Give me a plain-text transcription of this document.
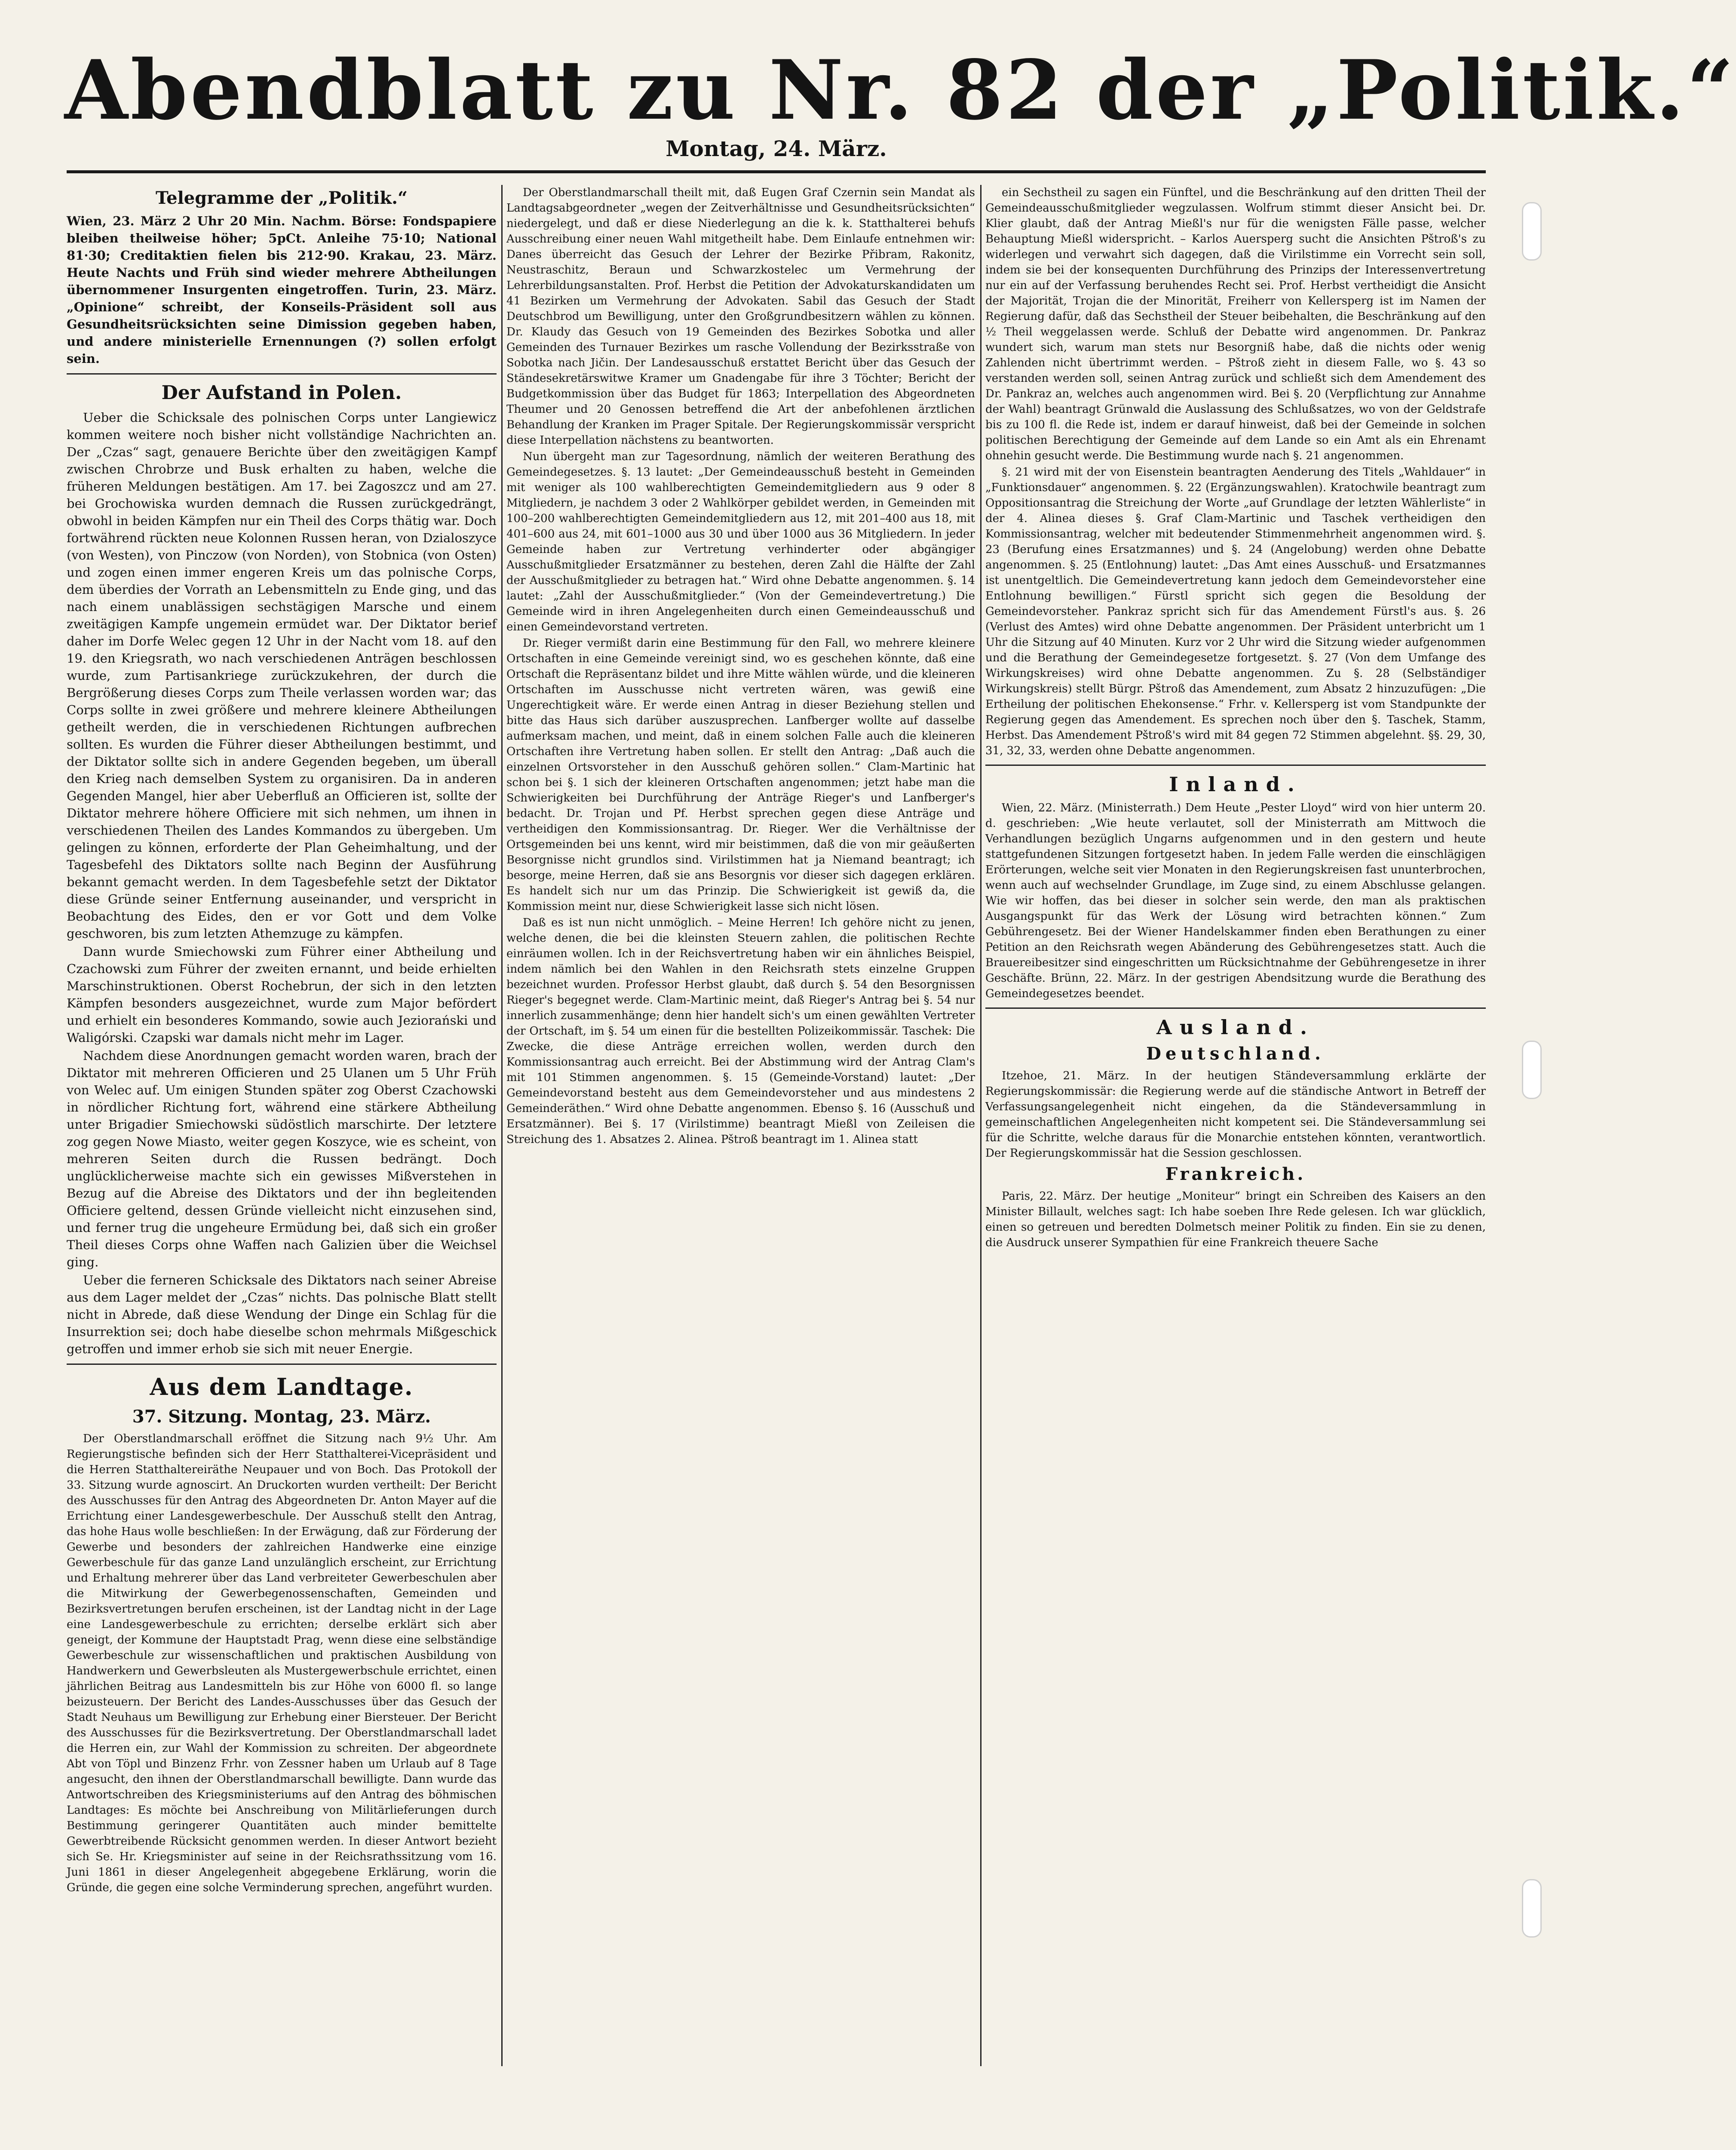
Abendblatt zu Nr. 82 der „Politik.“
Montag, 24. März.
Telegramme der „Politik.“

Wien, 23. März 2 Uhr 20 Min. Nachm. Börse: Fondspapiere bleiben theilweise höher; 5pCt. Anleihe 75·10; National 81·30; Creditaktien fielen bis 212·90. Krakau, 23. März. Heute Nachts und Früh sind wieder mehrere Abtheilungen übernommener Insurgenten eingetroffen. Turin, 23. März. „Opinione“ schreibt, der Konseils-Präsident soll aus Gesundheitsrücksichten seine Dimission gegeben haben, und andere ministerielle Ernennungen (?) sollen erfolgt sein.

Der Aufstand in Polen.

Ueber die Schicksale des polnischen Corps unter Langiewicz kommen weitere noch bisher nicht vollständige Nachrichten an. Der „Czas“ sagt, genauere Berichte über den zweitägigen Kampf zwischen Chrobrze und Busk erhalten zu haben, welche die früheren Meldungen bestätigen. Am 17. bei Zagoszcz und am 27. bei Grochowiska wurden demnach die Russen zurückgedrängt, obwohl in beiden Kämpfen nur ein Theil des Corps thätig war. Doch fortwährend rückten neue Kolonnen Russen heran, von Dzialoszyce (von Westen), von Pinczow (von Norden), von Stobnica (von Osten) und zogen einen immer engeren Kreis um das polnische Corps, dem überdies der Vorrath an Lebensmitteln zu Ende ging, und das nach einem unablässigen sechstägigen Marsche und einem zweitägigen Kampfe ungemein ermüdet war. Der Diktator berief daher im Dorfe Welec gegen 12 Uhr in der Nacht vom 18. auf den 19. den Kriegsrath, wo nach verschiedenen Anträgen beschlossen wurde, zum Partisankriege zurückzukehren, der durch die Bergrößerung dieses Corps zum Theile verlassen worden war; das Corps sollte in zwei größere und mehrere kleinere Abtheilungen getheilt werden, die in verschiedenen Richtungen aufbrechen sollten. Es wurden die Führer dieser Abtheilungen bestimmt, und der Diktator sollte sich in andere Gegenden begeben, um überall den Krieg nach demselben System zu organisiren. Da in anderen Gegenden Mangel, hier aber Ueberfluß an Officieren ist, sollte der Diktator mehrere höhere Officiere mit sich nehmen, um ihnen in verschiedenen Theilen des Landes Kommandos zu übergeben. Um gelingen zu können, erforderte der Plan Geheimhaltung, und der Tagesbefehl des Diktators sollte nach Beginn der Ausführung bekannt gemacht werden. In dem Tagesbefehle setzt der Diktator diese Gründe seiner Entfernung auseinander, und verspricht in Beobachtung des Eides, den er vor Gott und dem Volke geschworen, bis zum letzten Athemzuge zu kämpfen.

Dann wurde Smiechowski zum Führer einer Abtheilung und Czachowski zum Führer der zweiten ernannt, und beide erhielten Marschinstruktionen. Oberst Rochebrun, der sich in den letzten Kämpfen besonders ausgezeichnet, wurde zum Major befördert und erhielt ein besonderes Kommando, sowie auch Jeziorański und Waligórski. Czapski war damals nicht mehr im Lager.

Nachdem diese Anordnungen gemacht worden waren, brach der Diktator mit mehreren Officieren und 25 Ulanen um 5 Uhr Früh von Welec auf. Um einigen Stunden später zog Oberst Czachowski in nördlicher Richtung fort, während eine stärkere Abtheilung unter Brigadier Smiechowski südöstlich marschirte. Der letztere zog gegen Nowe Miasto, weiter gegen Koszyce, wie es scheint, von mehreren Seiten durch die Russen bedrängt. Doch unglücklicherweise machte sich ein gewisses Mißverstehen in Bezug auf die Abreise des Diktators und der ihn begleitenden Officiere geltend, dessen Gründe vielleicht nicht einzusehen sind, und ferner trug die ungeheure Ermüdung bei, daß sich ein großer Theil dieses Corps ohne Waffen nach Galizien über die Weichsel ging.

Ueber die ferneren Schicksale des Diktators nach seiner Abreise aus dem Lager meldet der „Czas“ nichts. Das polnische Blatt stellt nicht in Abrede, daß diese Wendung der Dinge ein Schlag für die Insurrektion sei; doch habe dieselbe schon mehrmals Mißgeschick getroffen und immer erhob sie sich mit neuer Energie.

Aus dem Landtage.
37. Sitzung. Montag, 23. März.

Der Oberstlandmarschall eröffnet die Sitzung nach 9½ Uhr. Am Regierungstische befinden sich der Herr Statthalterei-Vicepräsident und die Herren Statthaltereiräthe Neupauer und von Boch. Das Protokoll der 33. Sitzung wurde agnoscirt. An Druckorten wurden vertheilt: Der Bericht des Ausschusses für den Antrag des Abgeordneten Dr. Anton Mayer auf die Errichtung einer Landesgewerbeschule. Der Ausschuß stellt den Antrag, das hohe Haus wolle beschließen: In der Erwägung, daß zur Förderung der Gewerbe und besonders der zahlreichen Handwerke eine einzige Gewerbeschule für das ganze Land unzulänglich erscheint, zur Errichtung und Erhaltung mehrerer über das Land verbreiteter Gewerbeschulen aber die Mitwirkung der Gewerbegenossenschaften, Gemeinden und Bezirksvertretungen berufen erscheinen, ist der Landtag nicht in der Lage eine Landesgewerbeschule zu errichten; derselbe erklärt sich aber geneigt, der Kommune der Hauptstadt Prag, wenn diese eine selbständige Gewerbeschule zur wissenschaftlichen und praktischen Ausbildung von Handwerkern und Gewerbsleuten als Mustergewerbschule errichtet, einen jährlichen Beitrag aus Landesmitteln bis zur Höhe von 6000 fl. so lange beizusteuern. Der Bericht des Landes-Ausschusses über das Gesuch der Stadt Neuhaus um Bewilligung zur Erhebung einer Biersteuer. Der Bericht des Ausschusses für die Bezirksvertretung. Der Oberstlandmarschall ladet die Herren ein, zur Wahl der Kommission zu schreiten. Der abgeordnete Abt von Töpl und Binzenz Frhr. von Zessner haben um Urlaub auf 8 Tage angesucht, den ihnen der Oberstlandmarschall bewilligte. Dann wurde das Antwortschreiben des Kriegsministeriums auf den Antrag des böhmischen Landtages: Es möchte bei Anschreibung von Militärlieferungen durch Bestimmung geringerer Quantitäten auch minder bemittelte Gewerbtreibende Rücksicht genommen werden. In dieser Antwort bezieht sich Se. Hr. Kriegsminister auf seine in der Reichsrathssitzung vom 16. Juni 1861 in dieser Angelegenheit abgegebene Erklärung, worin die Gründe, die gegen eine solche Verminderung sprechen, angeführt wurden.

Der Oberstlandmarschall theilt mit, daß Eugen Graf Czernin sein Mandat als Landtagsabgeordneter „wegen der Zeitverhältnisse und Gesundheitsrücksichten“ niedergelegt, und daß er diese Niederlegung an die k. k. Statthalterei behufs Ausschreibung einer neuen Wahl mitgetheilt habe. Dem Einlaufe entnehmen wir: Danes überreicht das Gesuch der Lehrer der Bezirke Přibram, Rakonitz, Neustraschitz, Beraun und Schwarzkostelec um Vermehrung der Lehrerbildungsanstalten. Prof. Herbst die Petition der Advokaturskandidaten um 41 Bezirken um Vermehrung der Advokaten. Sabil das Gesuch der Stadt Deutschbrod um Bewilligung, unter den Großgrundbesitzern wählen zu können. Dr. Klaudy das Gesuch von 19 Gemeinden des Bezirkes Sobotka und aller Gemeinden des Turnauer Bezirkes um rasche Vollendung der Bezirksstraße von Sobotka nach Jičin. Der Landesausschuß erstattet Bericht über das Gesuch der Ständesekretärswitwe Kramer um Gnadengabe für ihre 3 Töchter; Bericht der Budgetkommission über das Budget für 1863; Interpellation des Abgeordneten Theumer und 20 Genossen betreffend die Art der anbefohlenen ärztlichen Behandlung der Kranken im Prager Spitale. Der Regierungskommissär verspricht diese Interpellation nächstens zu beantworten.

Nun übergeht man zur Tagesordnung, nämlich der weiteren Berathung des Gemeindegesetzes. §. 13 lautet: „Der Gemeindeausschuß besteht in Gemeinden mit weniger als 100 wahlberechtigten Gemeindemitgliedern aus 9 oder 8 Mitgliedern, je nachdem 3 oder 2 Wahlkörper gebildet werden, in Gemeinden mit 100–200 wahlberechtigten Gemeindemitgliedern aus 12, mit 201–400 aus 18, mit 401–600 aus 24, mit 601–1000 aus 30 und über 1000 aus 36 Mitgliedern. In jeder Gemeinde haben zur Vertretung verhinderter oder abgängiger Ausschußmitglieder Ersatzmänner zu bestehen, deren Zahl die Hälfte der Zahl der Ausschußmitglieder zu betragen hat.“ Wird ohne Debatte angenommen. §. 14 lautet: „Zahl der Ausschußmitglieder.“ (Von der Gemeindevertretung.) Die Gemeinde wird in ihren Angelegenheiten durch einen Gemeindeausschuß und einen Gemeindevorstand vertreten.

Dr. Rieger vermißt darin eine Bestimmung für den Fall, wo mehrere kleinere Ortschaften in eine Gemeinde vereinigt sind, wo es geschehen könnte, daß eine Ortschaft die Repräsentanz bildet und ihre Mitte wählen würde, und die kleineren Ortschaften im Ausschusse nicht vertreten wären, was gewiß eine Ungerechtigkeit wäre. Er werde einen Antrag in dieser Beziehung stellen und bitte das Haus sich darüber auszusprechen. Lanfberger wollte auf dasselbe aufmerksam machen, und meint, daß in einem solchen Falle auch die kleineren Ortschaften ihre Vertretung haben sollen. Er stellt den Antrag: „Daß auch die einzelnen Ortsvorsteher in den Ausschuß gehören sollen.“ Clam-Martinic hat schon bei §. 1 sich der kleineren Ortschaften angenommen; jetzt habe man die Schwierigkeiten bei Durchführung der Anträge Rieger's und Lanfberger's bedacht. Dr. Trojan und Pf. Herbst sprechen gegen diese Anträge und vertheidigen den Kommissionsantrag. Dr. Rieger. Wer die Verhältnisse der Ortsgemeinden bei uns kennt, wird mir beistimmen, daß die von mir geäußerten Besorgnisse nicht grundlos sind. Virilstimmen hat ja Niemand beantragt; ich besorge, meine Herren, daß sie ans Besorgnis vor dieser sich dagegen erklären. Es handelt sich nur um das Prinzip. Die Schwierigkeit ist gewiß da, die Kommission meint nur, diese Schwierigkeit lasse sich nicht lösen.

Daß es ist nun nicht unmöglich. – Meine Herren! Ich gehöre nicht zu jenen, welche denen, die bei die kleinsten Steuern zahlen, die politischen Rechte einräumen wollen. Ich in der Reichsvertretung haben wir ein ähnliches Beispiel, indem nämlich bei den Wahlen in den Reichsrath stets einzelne Gruppen bezeichnet wurden. Professor Herbst glaubt, daß durch §. 54 den Besorgnissen Rieger's begegnet werde. Clam-Martinic meint, daß Rieger's Antrag bei §. 54 nur innerlich zusammenhänge; denn hier handelt sich's um einen gewählten Vertreter der Ortschaft, im §. 54 um einen für die bestellten Polizeikommissär. Taschek: Die Zwecke, die diese Anträge erreichen wollen, werden durch den Kommissionsantrag auch erreicht. Bei der Abstimmung wird der Antrag Clam's mit 101 Stimmen angenommen. §. 15 (Gemeinde-Vorstand) lautet: „Der Gemeindevorstand besteht aus dem Gemeindevorsteher und aus mindestens 2 Gemeinderäthen.“ Wird ohne Debatte angenommen. Ebenso §. 16 (Ausschuß und Ersatzmänner). Bei §. 17 (Virilstimme) beantragt Mießl von Zeileisen die Streichung des 1. Absatzes 2. Alinea. Pštroß beantragt im 1. Alinea statt

ein Sechstheil zu sagen ein Fünftel, und die Beschränkung auf den dritten Theil der Gemeindeausschußmitglieder wegzulassen. Wolfrum stimmt dieser Ansicht bei. Dr. Klier glaubt, daß der Antrag Mießl's nur für die wenigsten Fälle passe, welcher Behauptung Mießl widerspricht. – Karlos Auersperg sucht die Ansichten Pštroß's zu widerlegen und verwahrt sich dagegen, daß die Virilstimme ein Vorrecht sein soll, indem sie bei der konsequenten Durchführung des Prinzips der Interessenvertretung nur ein auf der Verfassung beruhendes Recht sei. Prof. Herbst vertheidigt die Ansicht der Majorität, Trojan die der Minorität, Freiherr von Kellersperg ist im Namen der Regierung dafür, daß das Sechstheil der Steuer beibehalten, die Beschränkung auf den ½ Theil weggelassen werde. Schluß der Debatte wird angenommen. Dr. Pankraz wundert sich, warum man stets nur Besorgniß habe, daß die nichts oder wenig Zahlenden nicht übertrimmt werden. – Pštroß zieht in diesem Falle, wo §. 43 so verstanden werden soll, seinen Antrag zurück und schließt sich dem Amendement des Dr. Pankraz an, welches auch angenommen wird. Bei §. 20 (Verpflichtung zur Annahme der Wahl) beantragt Grünwald die Auslassung des Schlußsatzes, wo von der Geldstrafe bis zu 100 fl. die Rede ist, indem er darauf hinweist, daß bei der Gemeinde in solchen politischen Berechtigung der Gemeinde auf dem Lande so ein Amt als ein Ehrenamt ohnehin gesucht werde. Die Bestimmung wurde nach §. 21 angenommen.

§. 21 wird mit der von Eisenstein beantragten Aenderung des Titels „Wahldauer“ in „Funktionsdauer“ angenommen. §. 22 (Ergänzungswahlen). Kratochwile beantragt zum Oppositionsantrag die Streichung der Worte „auf Grundlage der letzten Wählerliste“ in der 4. Alinea dieses §. Graf Clam-Martinic und Taschek vertheidigen den Kommissionsantrag, welcher mit bedeutender Stimmenmehrheit angenommen wird. §. 23 (Berufung eines Ersatzmannes) und §. 24 (Angelobung) werden ohne Debatte angenommen. §. 25 (Entlohnung) lautet: „Das Amt eines Ausschuß- und Ersatzmannes ist unentgeltlich. Die Gemeindevertretung kann jedoch dem Gemeindevorsteher eine Entlohnung bewilligen.“ Fürstl spricht sich gegen die Besoldung der Gemeindevorsteher. Pankraz spricht sich für das Amendement Fürstl's aus. §. 26 (Verlust des Amtes) wird ohne Debatte angenommen. Der Präsident unterbricht um 1 Uhr die Sitzung auf 40 Minuten. Kurz vor 2 Uhr wird die Sitzung wieder aufgenommen und die Berathung der Gemeindegesetze fortgesetzt. §. 27 (Von dem Umfange des Wirkungskreises) wird ohne Debatte angenommen. Zu §. 28 (Selbständiger Wirkungskreis) stellt Bürgr. Pštroß das Amendement, zum Absatz 2 hinzuzufügen: „Die Ertheilung der politischen Ehekonsense.“ Frhr. v. Kellersperg ist vom Standpunkte der Regierung gegen das Amendement. Es sprechen noch über den §. Taschek, Stamm, Herbst. Das Amendement Pštroß's wird mit 84 gegen 72 Stimmen abgelehnt. §§. 29, 30, 31, 32, 33, werden ohne Debatte angenommen.

Inland.

Wien, 22. März. (Ministerrath.) Dem Heute „Pester Lloyd“ wird von hier unterm 20. d. geschrieben: „Wie heute verlautet, soll der Ministerrath am Mittwoch die Verhandlungen bezüglich Ungarns aufgenommen und in den gestern und heute stattgefundenen Sitzungen fortgesetzt haben. In jedem Falle werden die einschlägigen Erörterungen, welche seit vier Monaten in den Regierungskreisen fast ununterbrochen, wenn auch auf wechselnder Grundlage, im Zuge sind, zu einem Abschlusse gelangen. Wie wir hoffen, das bei dieser in solcher sein werde, den man als praktischen Ausgangspunkt für das Werk der Lösung wird betrachten können.“ Zum Gebührengesetz. Bei der Wiener Handelskammer finden eben Berathungen zu einer Petition an den Reichsrath wegen Abänderung des Gebührengesetzes statt. Auch die Brauereibesitzer sind eingeschritten um Rücksichtnahme der Gebührengesetze in ihrer Geschäfte. Brünn, 22. März. In der gestrigen Abendsitzung wurde die Berathung des Gemeindegesetzes beendet.

Ausland.
Deutschland.

Itzehoe, 21. März. In der heutigen Ständeversammlung erklärte der Regierungskommissär: die Regierung werde auf die ständische Antwort in Betreff der Verfassungsangelegenheit nicht eingehen, da die Ständeversammlung in gemeinschaftlichen Angelegenheiten nicht kompetent sei. Die Ständeversammlung sei für die Schritte, welche daraus für die Monarchie entstehen könnten, verantwortlich. Der Regierungskommissär hat die Session geschlossen.

Frankreich.

Paris, 22. März. Der heutige „Moniteur“ bringt ein Schreiben des Kaisers an den Minister Billault, welches sagt: Ich habe soeben Ihre Rede gelesen. Ich war glücklich, einen so getreuen und beredten Dolmetsch meiner Politik zu finden. Ein sie zu denen, die Ausdruck unserer Sympathien für eine Frankreich theuere Sache
